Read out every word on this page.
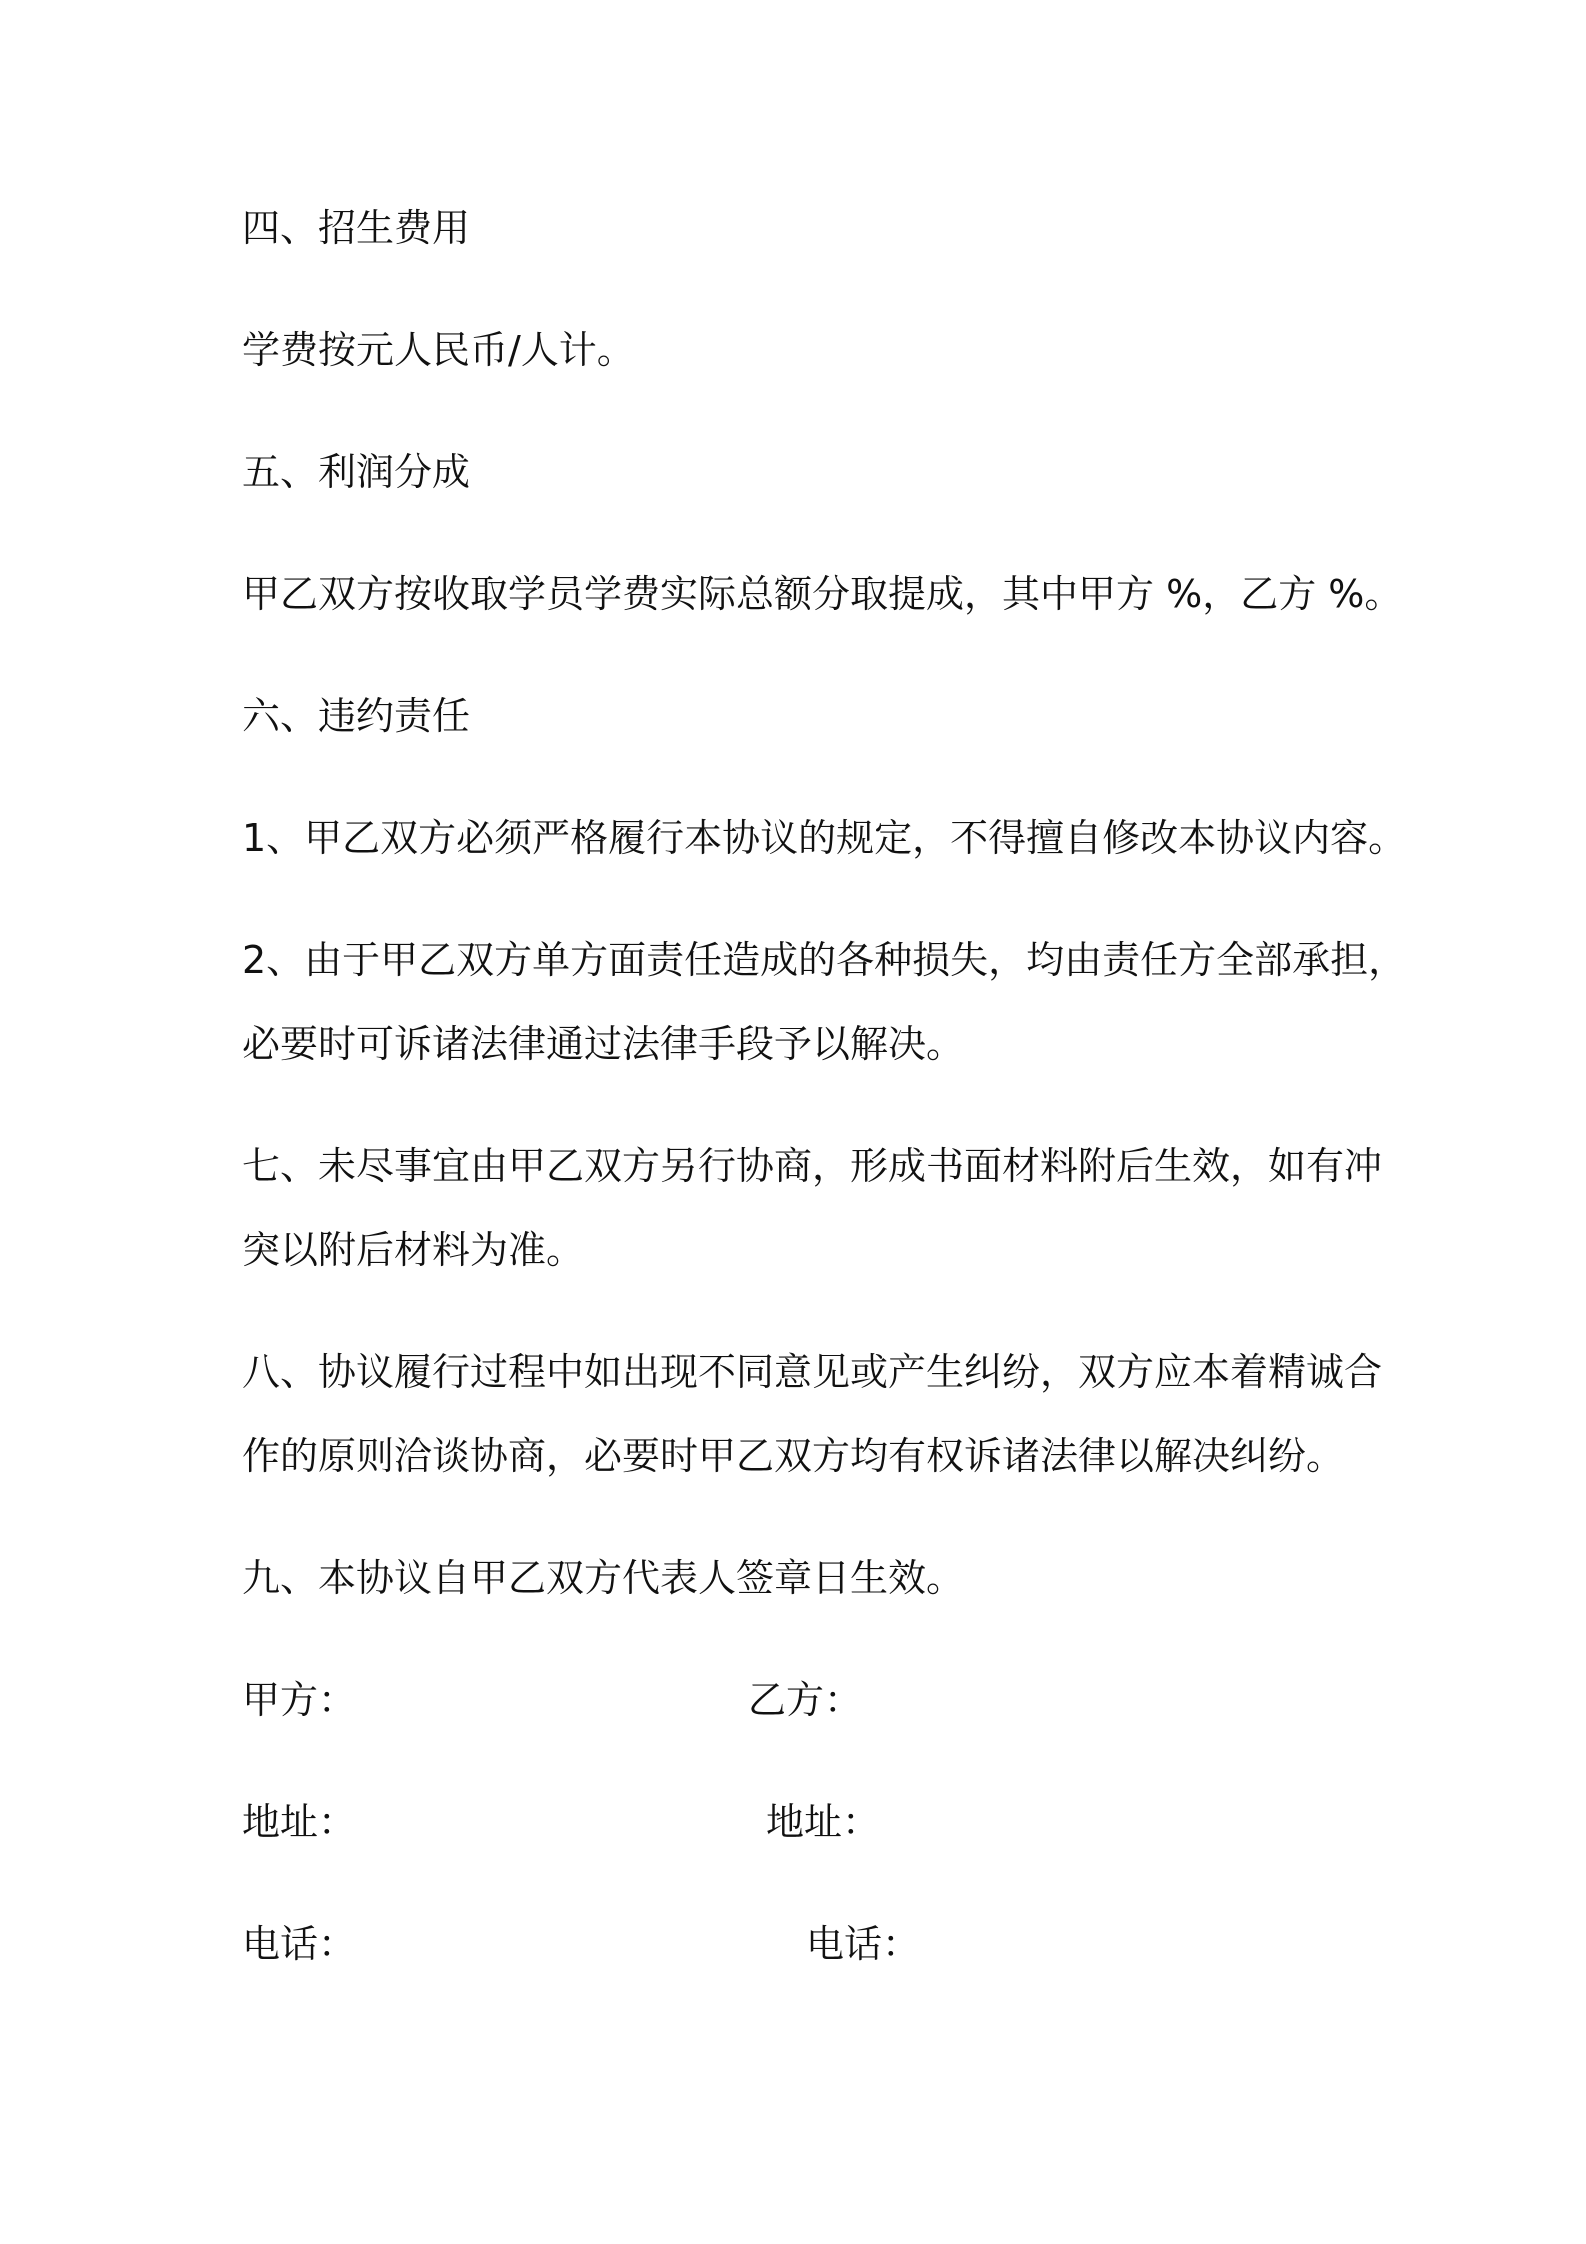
四、招生费用
学费按元人民币/人计。
五、利润分成
甲乙双方按收取学员学费实际总额分取提成，其中甲方 %，乙方 %。
六、违约责任
1、甲乙双方必须严格履行本协议的规定，不得擅自修改本协议内容。
2、由于甲乙双方单方面责任造成的各种损失，均由责任方全部承担，
必要时可诉诸法律通过法律手段予以解决。
七、未尽事宜由甲乙双方另行协商，形成书面材料附后生效，如有冲
突以附后材料为准。
八、协议履行过程中如出现不同意见或产生纠纷，双方应本着精诚合
作的原则洽谈协商，必要时甲乙双方均有权诉诸法律以解决纠纷。
九、本协议自甲乙双方代表人签章日生效。
甲方：	乙方：
地址：	地址：
电话：	电话：
